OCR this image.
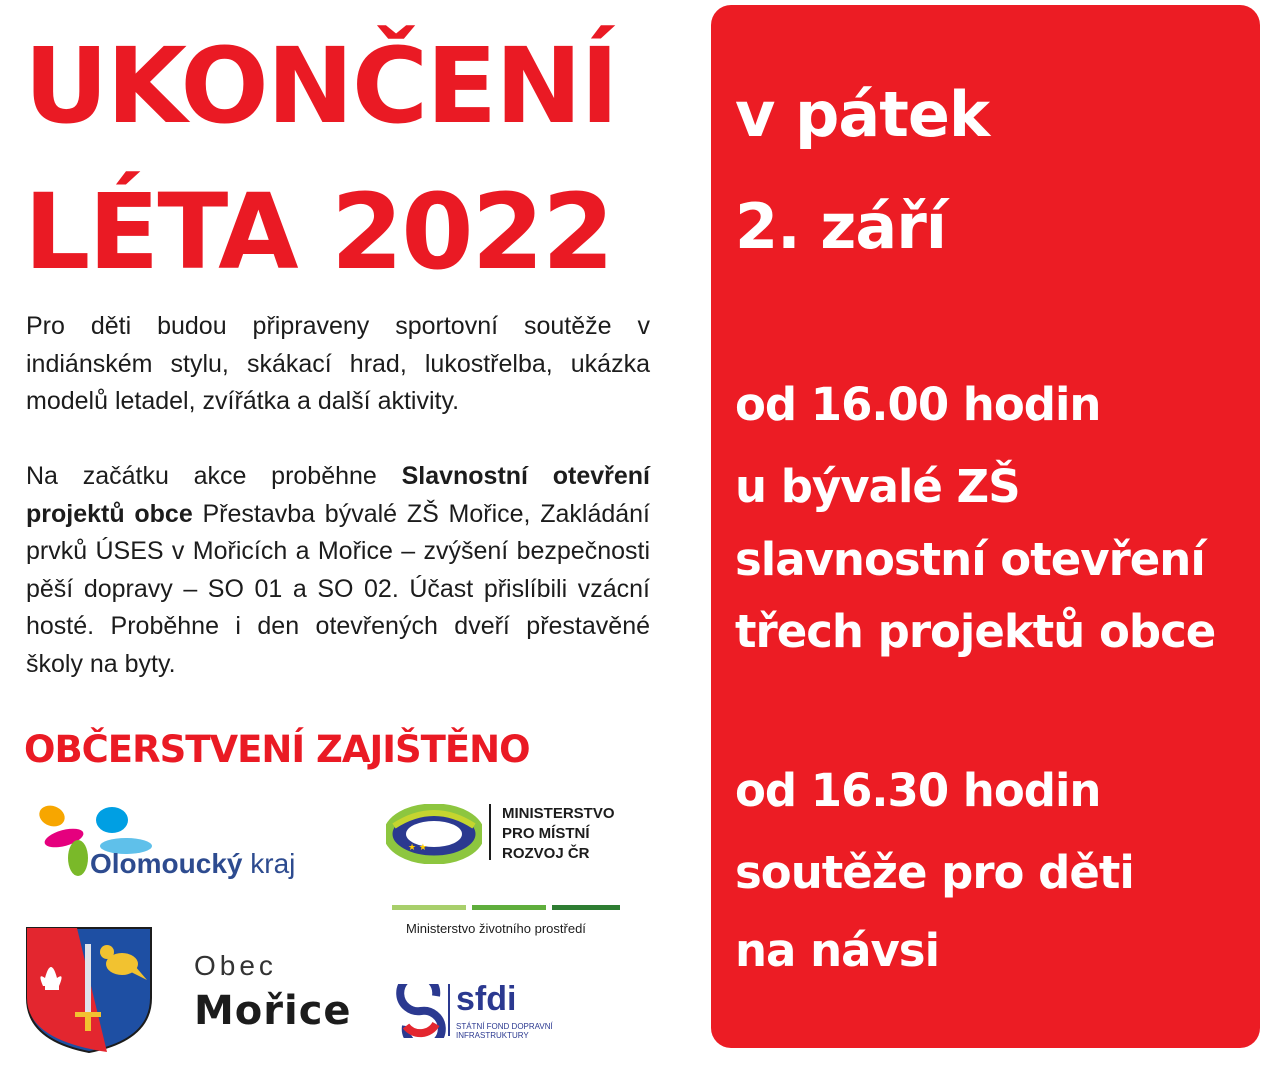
UKONČENÍ
LÉTA 2022

Pro děti budou připraveny sportovní soutěže v indiánském stylu, skákací hrad, lukostřelba, ukázka modelů letadel, zvířátka a další aktivity.

Na začátku akce proběhne Slavnostní otevření projektů obce Přestavba bývalé ZŠ Mořice, Zakládání prvků ÚSES v Mořicích a Mořice – zvýšení bezpečnosti pěší dopravy – SO 01 a SO 02. Účast přislíbili vzácní hosté. Proběhne i den otevřených dveří přestavěné školy na byty.

OBČERSTVENÍ ZAJIŠTĚNO
v pátek
2. září
od 16.00 hodin
u bývalé ZŠ
slavnostní otevření
třech projektů obce
od 16.30 hodin
soutěže pro děti
na návsi
Olomoucký kraj	★ ★
MINISTERSTVO
PRO MÍSTNÍ
ROZVOJ ČR
Ministerstvo životního prostředí
Obec
Mořice	sfdi
STÁTNÍ FOND DOPRAVNÍ
INFRASTRUKTURY
